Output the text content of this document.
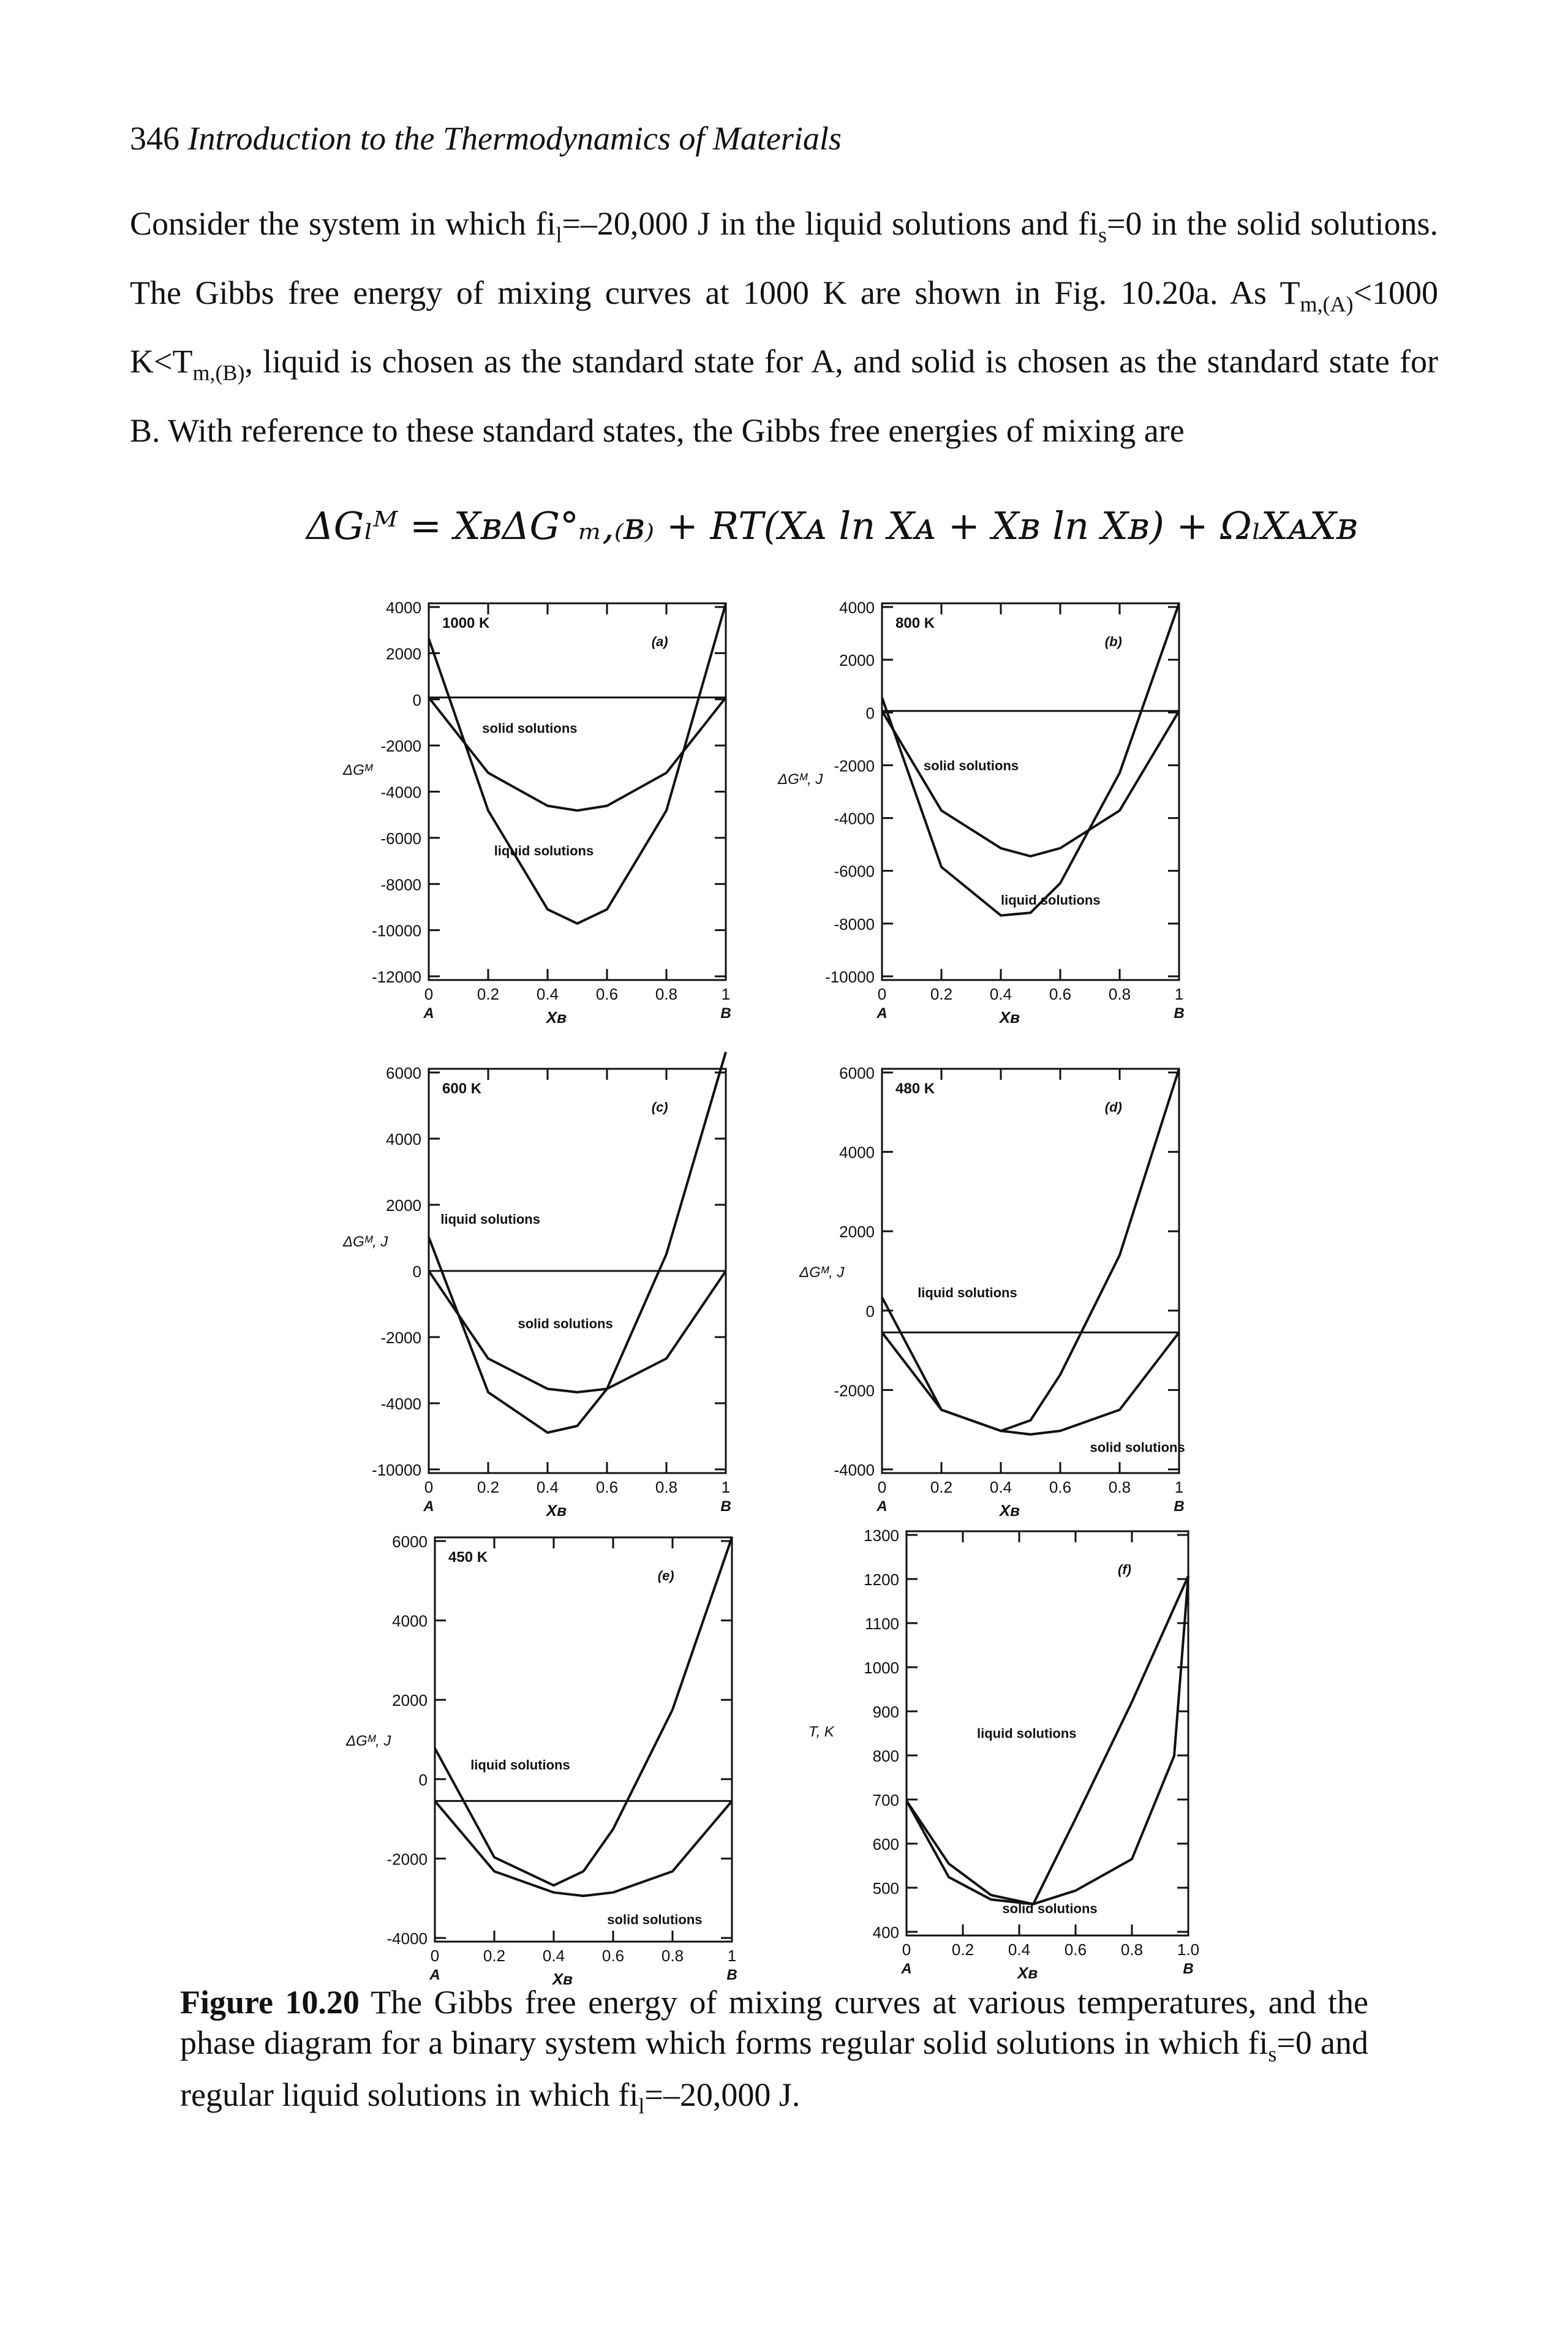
346 Introduction to the Thermodynamics of Materials

Consider the system in which $fi_l=-20,000$ J in the liquid solutions and $fi_s=0$ in the solid solutions. The Gibbs free energy of mixing curves at 1000 K are shown in Fig. 10.20a. As $T_{m,(A)}<1000$ $K<T_{m,(B)}$, liquid is chosen as the standard state for A, and solid is chosen as the standard state for B. With reference to these standard states, the Gibbs free energies of mixing are

ΔGₗᴹ = XʙΔG°ₘ,₍ʙ₎ + RT(Xᴀ ln Xᴀ + Xʙ ln Xʙ) + ΩₗXᴀXʙ
4000
2000
0
-2000
-4000
-6000
-8000
-10000
-12000
0	0.2 0.4 0.6 0.8	1
A	B
Xʙ
ΔGᴹ
1000 K
(a)
solid solutions
liquid solutions
4000
2000
0
-2000
-4000
-6000
-8000
-10000
0	0.2 0.4 0.6 0.8	1
A	B
Xʙ
ΔGᴹ, J
800 K
(b)
solid solutions
liquid solutions
6000
4000
2000
0
-2000
-4000
-10000
0	0.2 0.4 0.6 0.8	1
A	B
Xʙ
ΔGᴹ, J
600 K
(c)
liquid solutions
solid solutions
6000
4000
2000
0
-2000
-4000
0	0.2 0.4 0.6 0.8	1
A	B
Xʙ
ΔGᴹ, J
480 K
(d)
liquid solutions
solid solutions
6000
4000
2000
0
-2000
-4000
0	0.2 0.4 0.6 0.8	1
A	B
Xʙ
ΔGᴹ, J
450 K
(e)
liquid solutions
solid solutions
1300
1200
1100
1000
900
800
700
600
500
400
0	0.2 0.4 0.6 0.8 1.0
A	B
Xʙ
T, K
(f)
liquid solutions
solid solutions
Figure 10.20 The Gibbs free energy of mixing curves at various temperatures, and the phase diagram for a binary system which forms regular solid solutions in which $fi_s=0$ and regular liquid solutions in which $fi_l=-20,000$ J.
